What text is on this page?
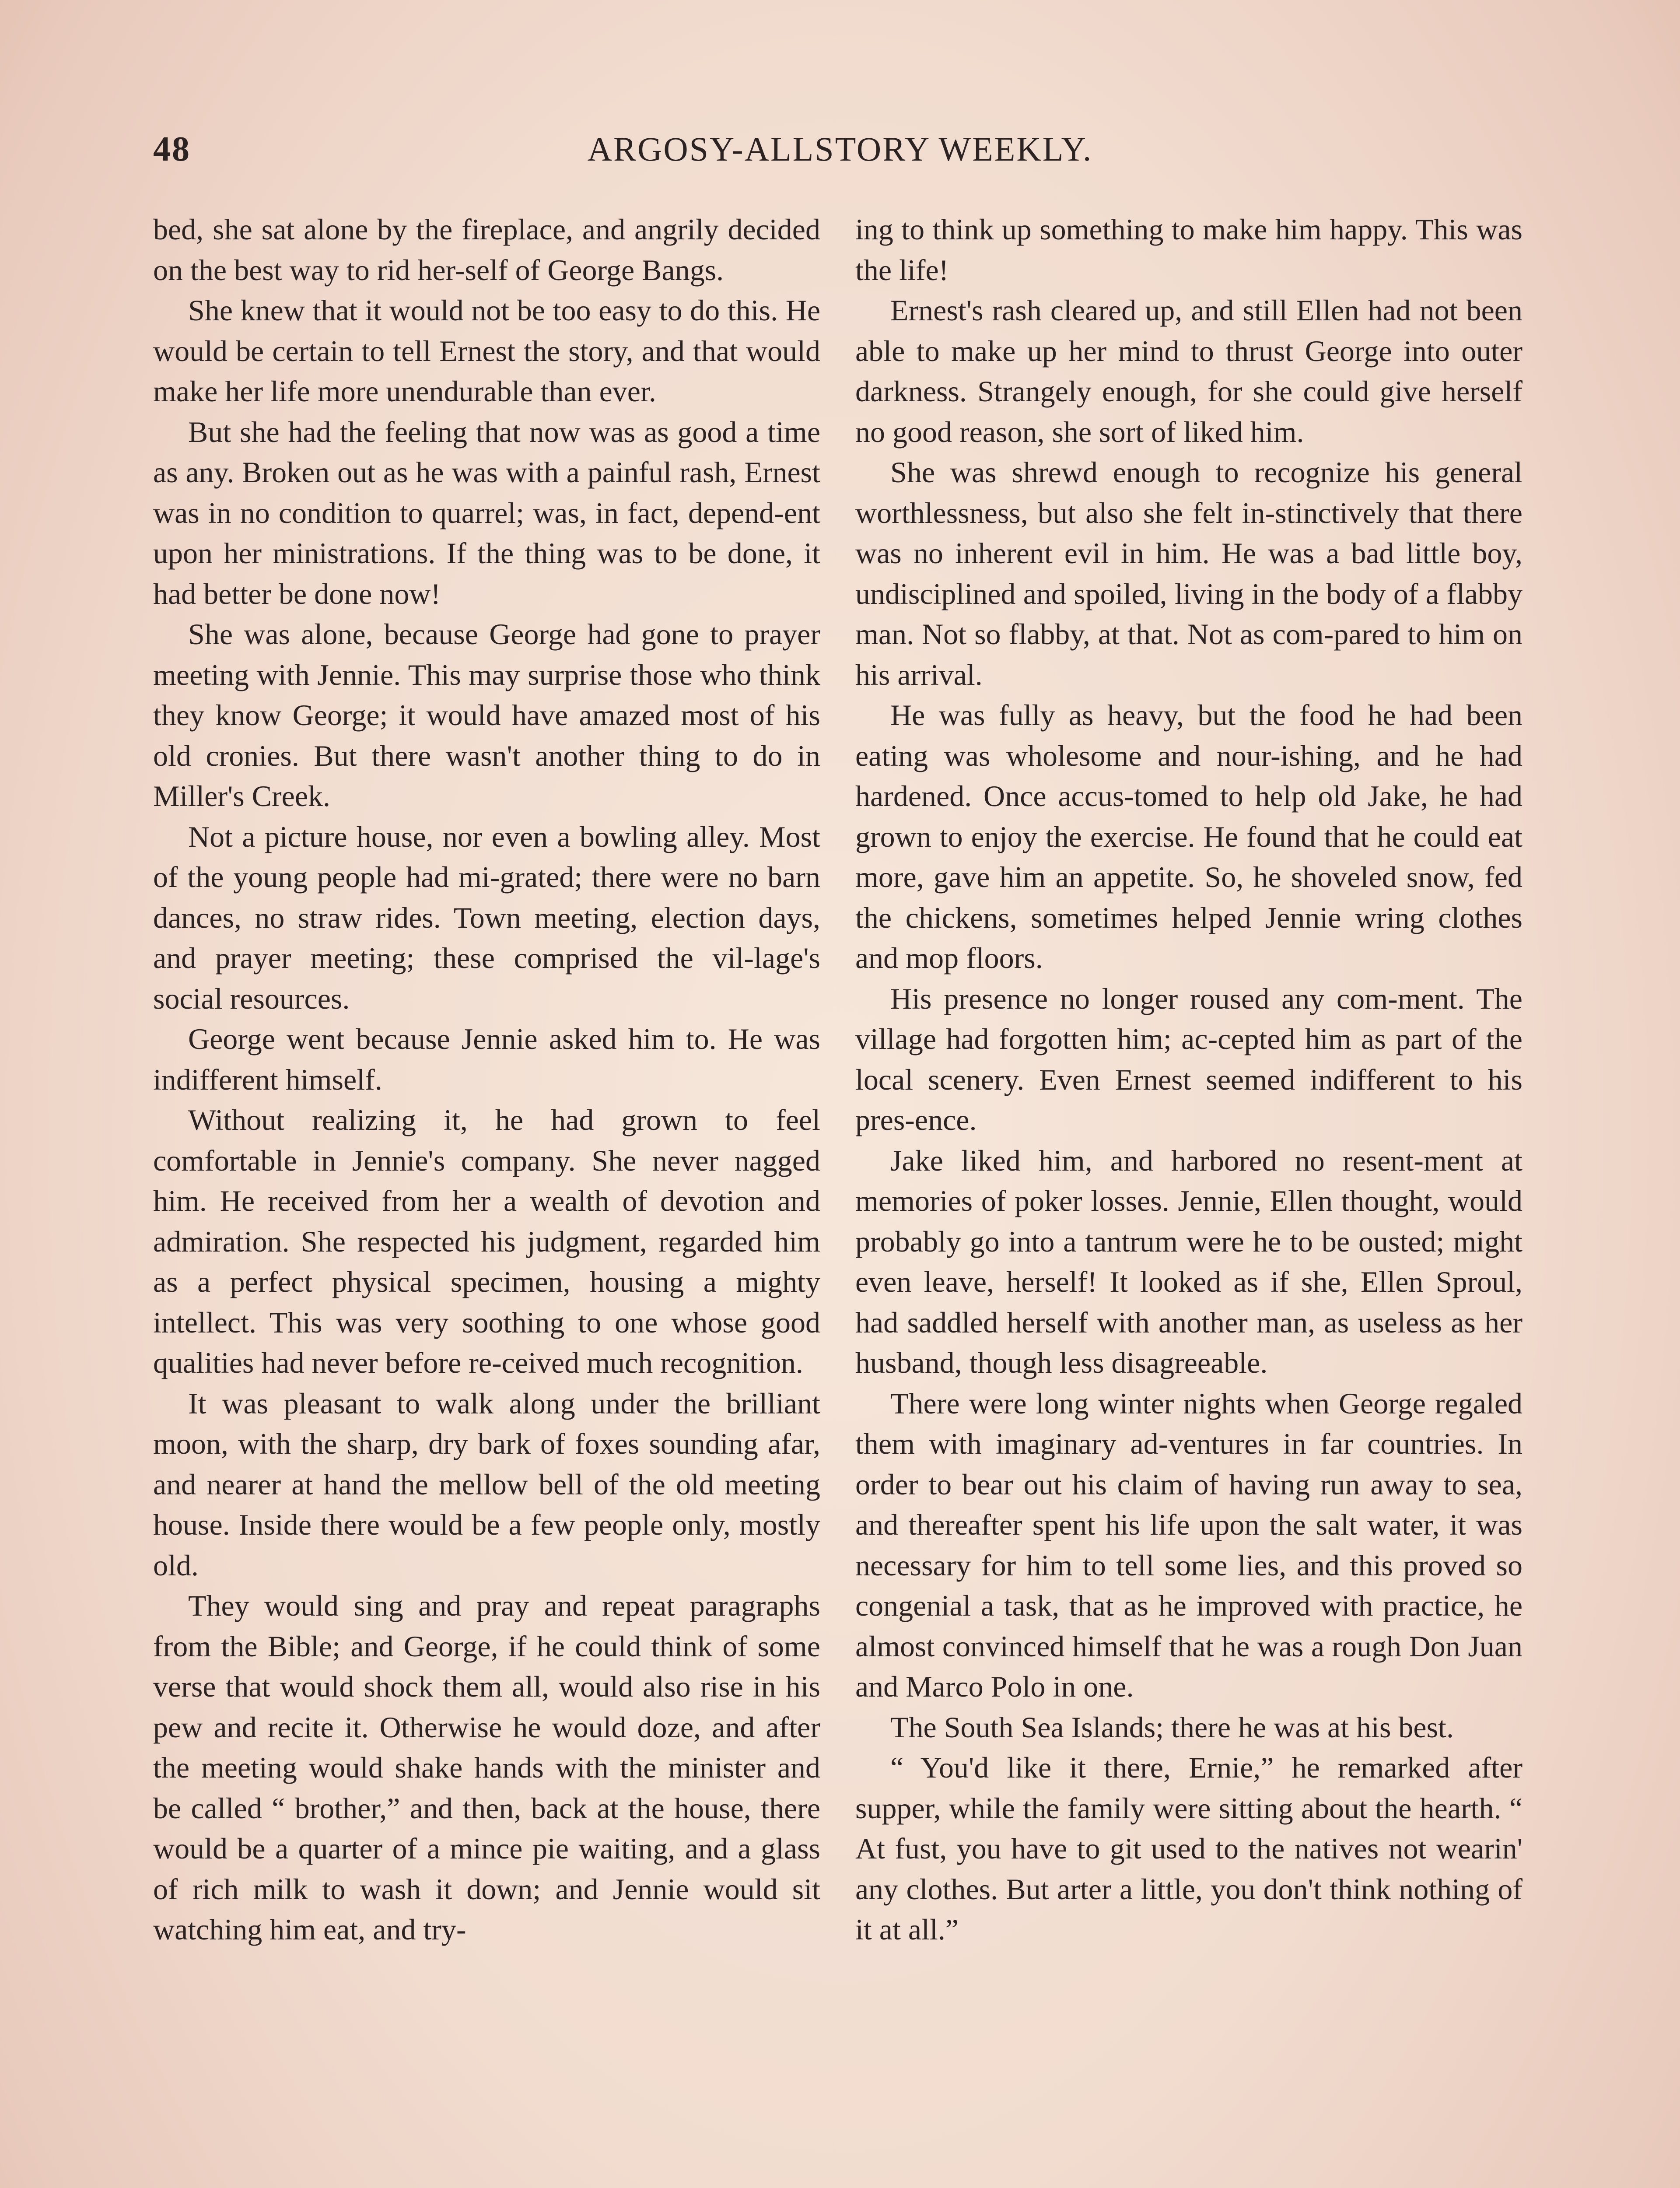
48	ARGOSY-ALLSTORY WEEKLY.

bed, she sat alone by the fireplace, and angrily decided on the best way to rid her-self of George Bangs.

She knew that it would not be too easy to do this. He would be certain to tell Ernest the story, and that would make her life more unendurable than ever.

But she had the feeling that now was as good a time as any. Broken out as he was with a painful rash, Ernest was in no condition to quarrel; was, in fact, depend-ent upon her ministrations. If the thing was to be done, it had better be done now!

She was alone, because George had gone to prayer meeting with Jennie. This may surprise those who think they know George; it would have amazed most of his old cronies. But there wasn't another thing to do in Miller's Creek.

Not a picture house, nor even a bowling alley. Most of the young people had mi-grated; there were no barn dances, no straw rides. Town meeting, election days, and prayer meeting; these comprised the vil-lage's social resources.

George went because Jennie asked him to. He was indifferent himself.

Without realizing it, he had grown to feel comfortable in Jennie's company. She never nagged him. He received from her a wealth of devotion and admiration. She respected his judgment, regarded him as a perfect physical specimen, housing a mighty intellect. This was very soothing to one whose good qualities had never before re-ceived much recognition.

It was pleasant to walk along under the brilliant moon, with the sharp, dry bark of foxes sounding afar, and nearer at hand the mellow bell of the old meeting house. Inside there would be a few people only, mostly old.

They would sing and pray and repeat paragraphs from the Bible; and George, if he could think of some verse that would shock them all, would also rise in his pew and recite it. Otherwise he would doze, and after the meeting would shake hands with the minister and be called “ brother,” and then, back at the house, there would be a quarter of a mince pie waiting, and a glass of rich milk to wash it down; and Jennie would sit watching him eat, and try-

ing to think up something to make him happy. This was the life!

Ernest's rash cleared up, and still Ellen had not been able to make up her mind to thrust George into outer darkness. Strangely enough, for she could give herself no good reason, she sort of liked him.

She was shrewd enough to recognize his general worthlessness, but also she felt in-stinctively that there was no inherent evil in him. He was a bad little boy, undisciplined and spoiled, living in the body of a flabby man. Not so flabby, at that. Not as com-pared to him on his arrival.

He was fully as heavy, but the food he had been eating was wholesome and nour-ishing, and he had hardened. Once accus-tomed to help old Jake, he had grown to enjoy the exercise. He found that he could eat more, gave him an appetite. So, he shoveled snow, fed the chickens, sometimes helped Jennie wring clothes and mop floors.

His presence no longer roused any com-ment. The village had forgotten him; ac-cepted him as part of the local scenery. Even Ernest seemed indifferent to his pres-ence.

Jake liked him, and harbored no resent-ment at memories of poker losses. Jennie, Ellen thought, would probably go into a tantrum were he to be ousted; might even leave, herself! It looked as if she, Ellen Sproul, had saddled herself with another man, as useless as her husband, though less disagreeable.

There were long winter nights when George regaled them with imaginary ad-ventures in far countries. In order to bear out his claim of having run away to sea, and thereafter spent his life upon the salt water, it was necessary for him to tell some lies, and this proved so congenial a task, that as he improved with practice, he almost convinced himself that he was a rough Don Juan and Marco Polo in one.

The South Sea Islands; there he was at his best.

“ You'd like it there, Ernie,” he remarked after supper, while the family were sitting about the hearth. “ At fust, you have to git used to the natives not wearin' any clothes. But arter a little, you don't think nothing of it at all.”
